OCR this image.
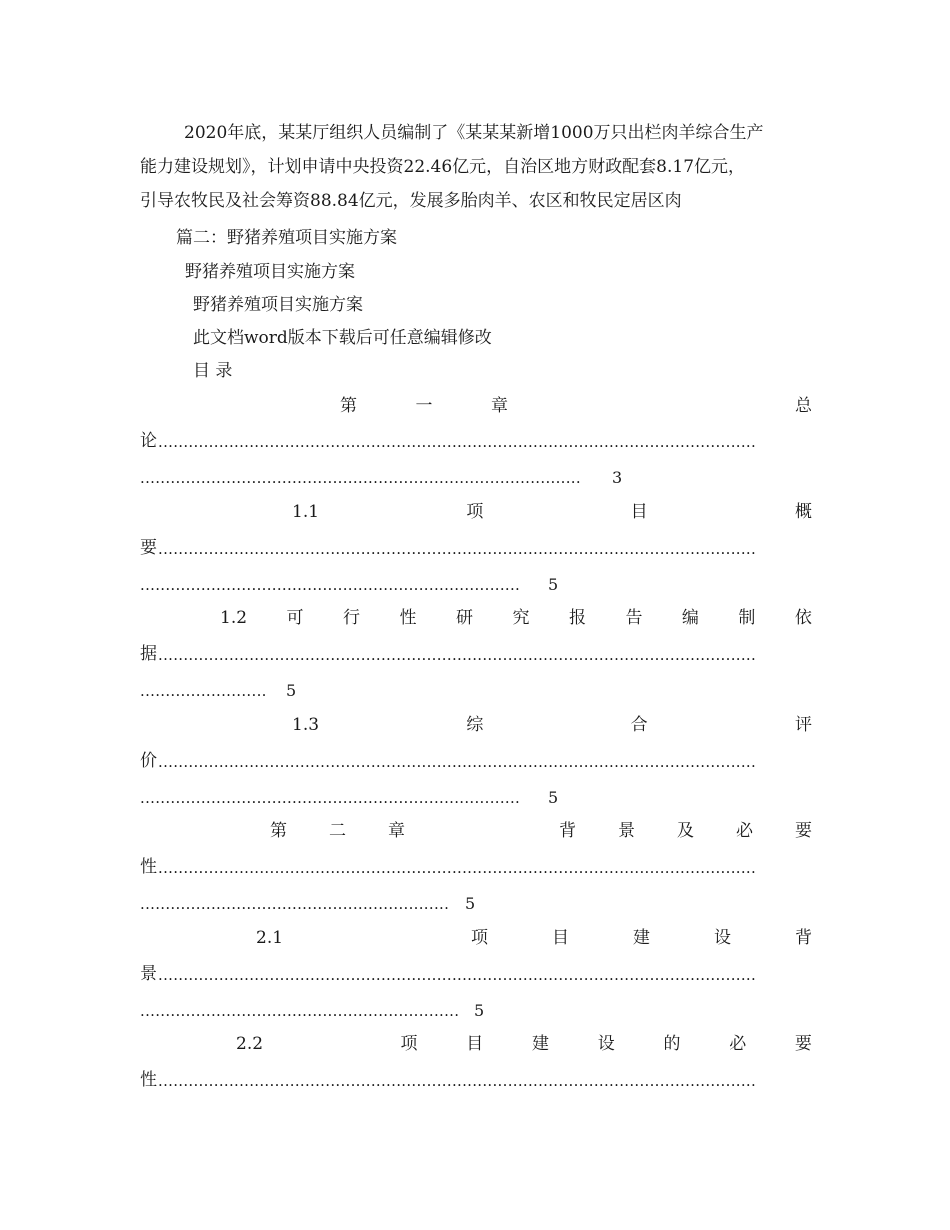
2020年底，某某厅组织人员编制了《某某某新增1000万只出栏肉羊综合生产
能力建设规划》，计划申请中央投资22.46亿元，自治区地方财政配套8.17亿元，
引导农牧民及社会筹资88.84亿元，发展多胎肉羊、农区和牧民定居区肉
篇二：野猪养殖项目实施方案
野猪养殖项目实施方案
野猪养殖项目实施方案
此文档word版本下载后可任意编辑修改
目 录
第	一	章	总
论 ......................................................................................................................
.......................................................................................	3
1.1	项	目	概
要 ......................................................................................................................
...........................................................................	5
1.2 可 行 性 研 究 报 告 编 制 依
据 ......................................................................................................................
.........................	5
1.3	综	合	评
价 ......................................................................................................................
...........................................................................	5
第 二 章	背 景 及 必 要
性 ......................................................................................................................
............................................................. 5
2.1	项	目	建	设	背
景 ......................................................................................................................
............................................................... 5
2.2	项	目	建	设	的	必	要
性 ......................................................................................................................
